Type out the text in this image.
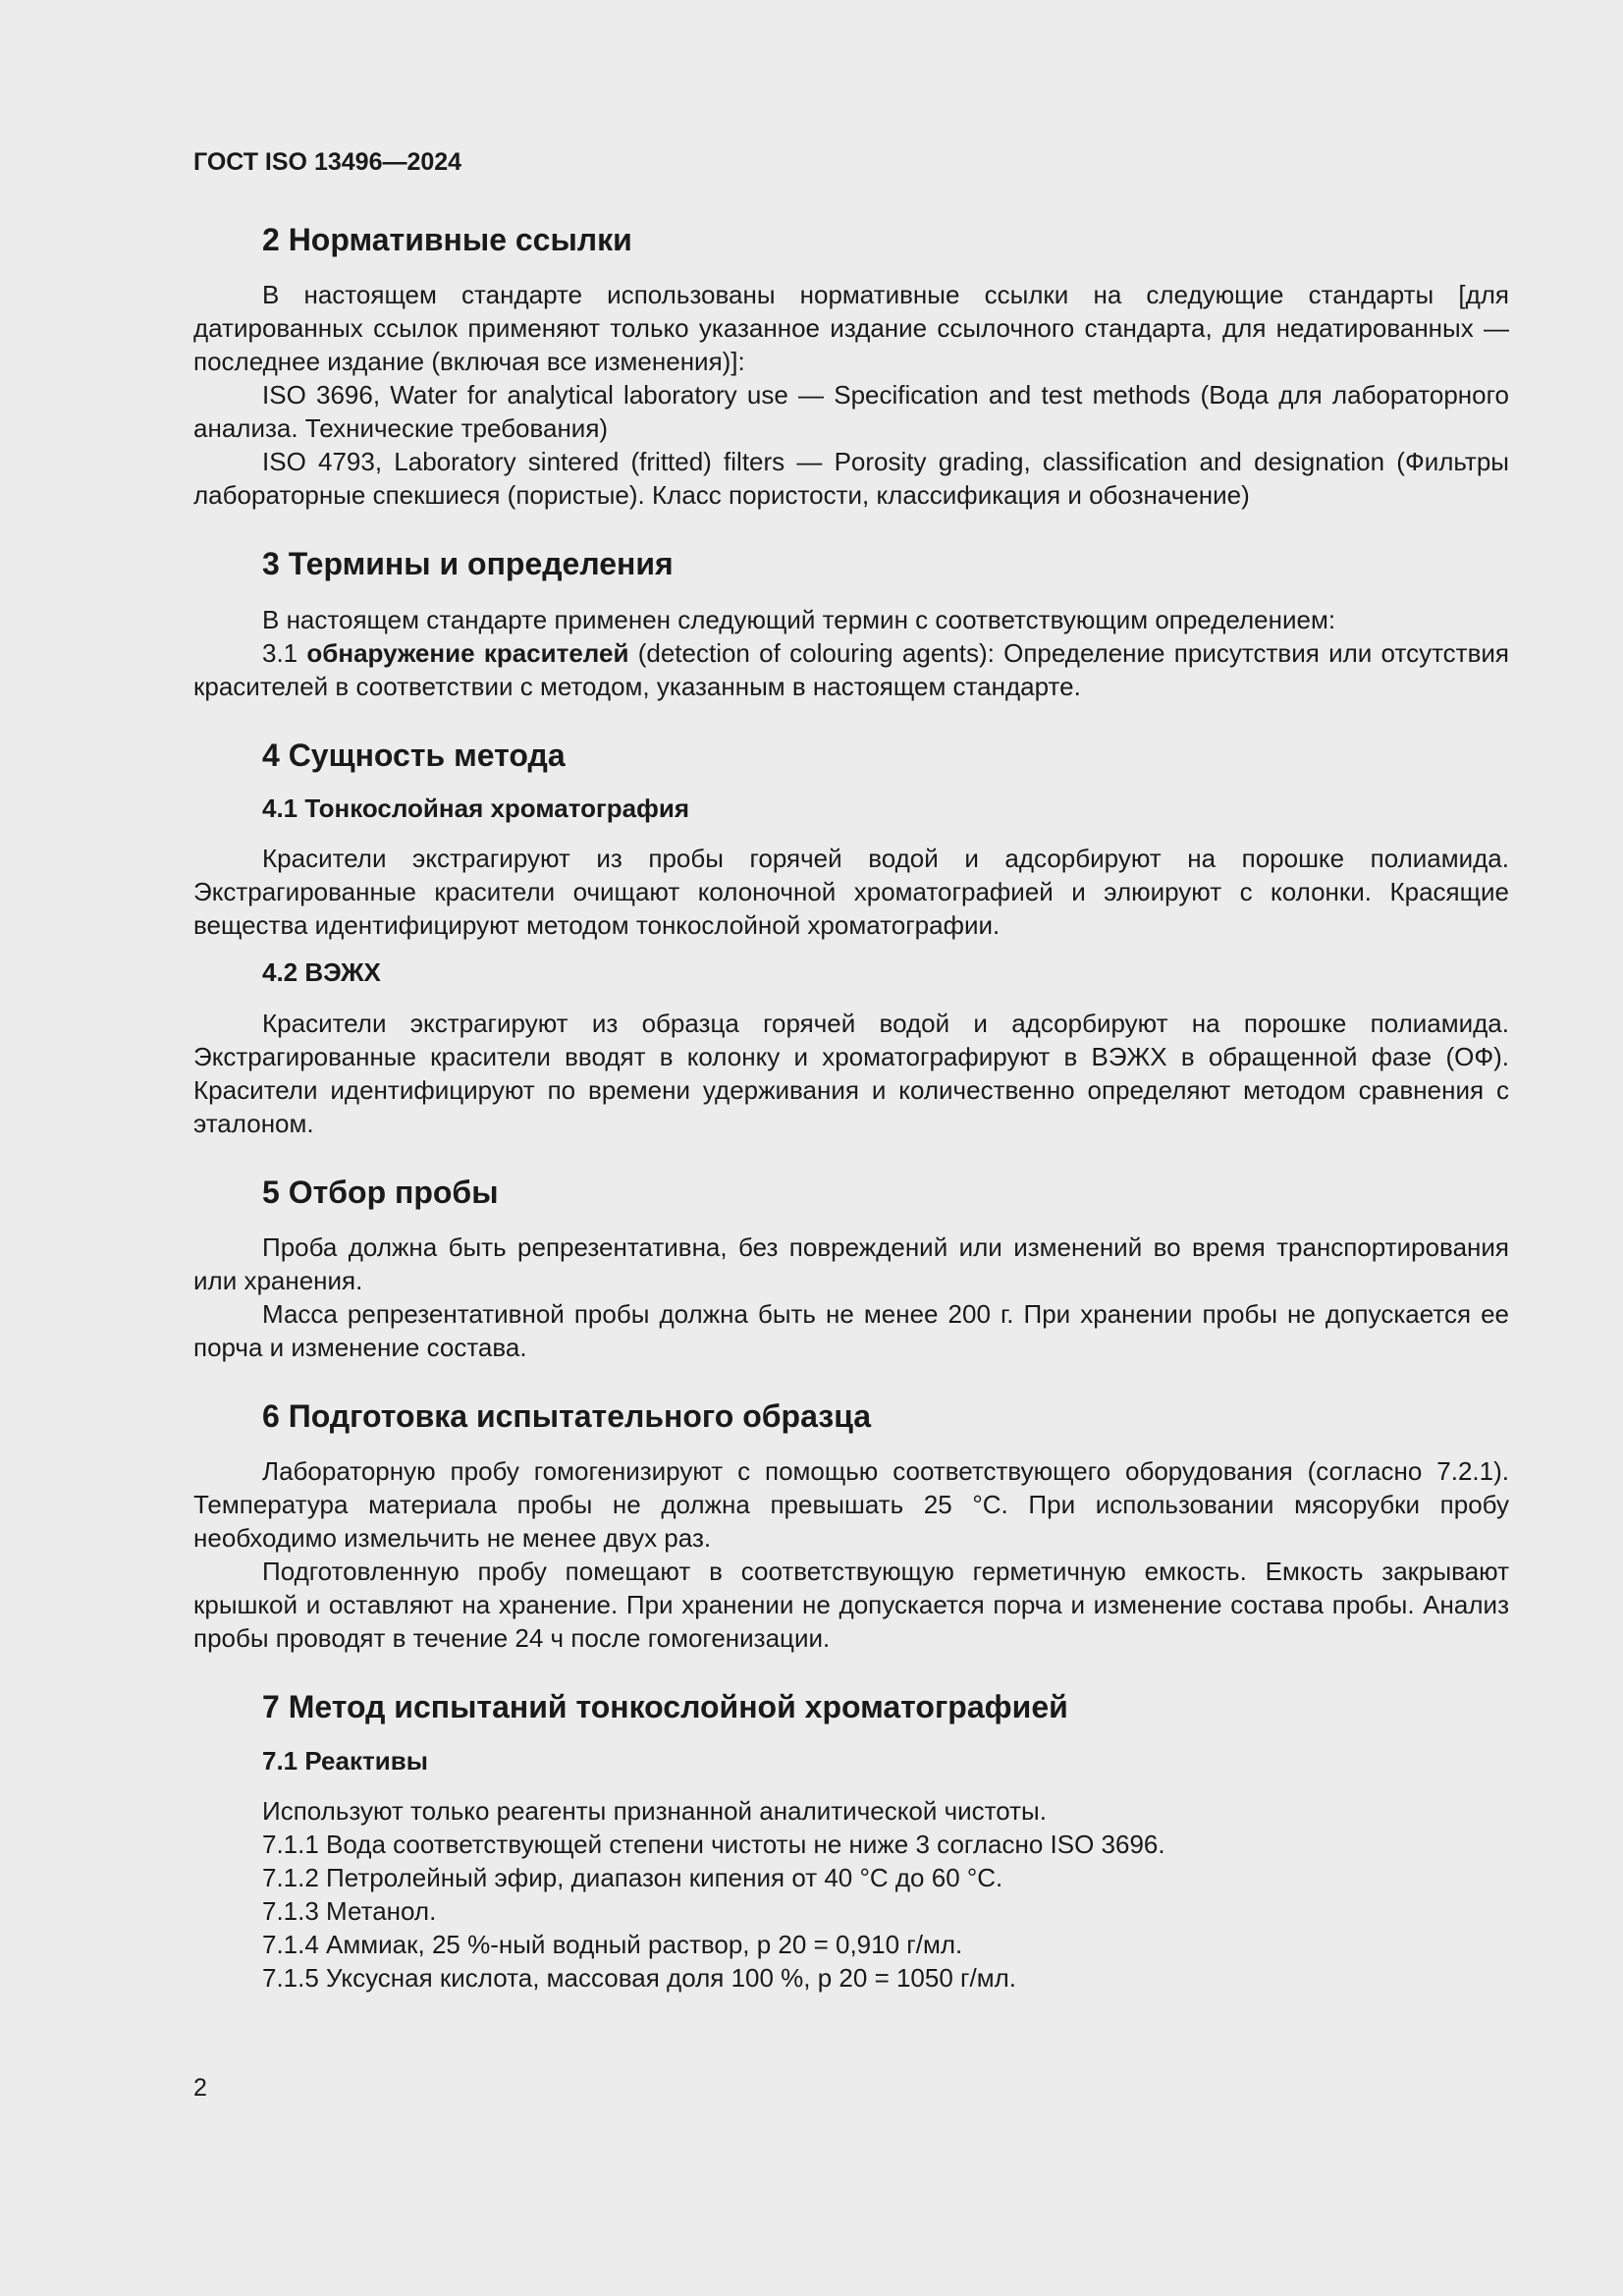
ГОСТ ISO 13496—2024
2 Нормативные ссылки

В настоящем стандарте использованы нормативные ссылки на следующие стандарты [для датированных ссылок применяют только указанное издание ссылочного стандарта, для недатированных — последнее издание (включая все изменения)]:

ISO 3696, Water for analytical laboratory use — Specification and test methods (Вода для лабораторного анализа. Технические требования)

ISO 4793, Laboratory sintered (fritted) filters — Porosity grading, classification and designation (Фильтры лабораторные спекшиеся (пористые). Класс пористости, классификация и обозначение)

3 Термины и определения

В настоящем стандарте применен следующий термин с соответствующим определением:

3.1 обнаружение красителей (detection of colouring agents): Определение присутствия или отсутствия красителей в соответствии с методом, указанным в настоящем стандарте.

4 Сущность метода
4.1 Тонкослойная хроматография

Красители экстрагируют из пробы горячей водой и адсорбируют на порошке полиамида. Экстрагированные красители очищают колоночной хроматографией и элюируют с колонки. Красящие вещества идентифицируют методом тонкослойной хроматографии.

4.2 ВЭЖХ

Красители экстрагируют из образца горячей водой и адсорбируют на порошке полиамида. Экстрагированные красители вводят в колонку и хроматографируют в ВЭЖХ в обращенной фазе (ОФ). Красители идентифицируют по времени удерживания и количественно определяют методом сравнения с эталоном.

5 Отбор пробы

Проба должна быть репрезентативна, без повреждений или изменений во время транспортирования или хранения.

Масса репрезентативной пробы должна быть не менее 200 г. При хранении пробы не допускается ее порча и изменение состава.

6 Подготовка испытательного образца

Лабораторную пробу гомогенизируют с помощью соответствующего оборудования (согласно 7.2.1). Температура материала пробы не должна превышать 25 °С. При использовании мясорубки пробу необходимо измельчить не менее двух раз.

Подготовленную пробу помещают в соответствующую герметичную емкость. Емкость закрывают крышкой и оставляют на хранение. При хранении не допускается порча и изменение состава пробы. Анализ пробы проводят в течение 24 ч после гомогенизации.

7 Метод испытаний тонкослойной хроматографией
7.1 Реактивы

Используют только реагенты признанной аналитической чистоты.

7.1.1 Вода соответствующей степени чистоты не ниже 3 согласно ISO 3696.

7.1.2 Петролейный эфир, диапазон кипения от 40 °С до 60 °С.

7.1.3 Метанол.

7.1.4 Аммиак, 25 %-ный водный раствор, р 20 = 0,910 г/мл.

7.1.5 Уксусная кислота, массовая доля 100 %, р 20 = 1050 г/мл.

2
